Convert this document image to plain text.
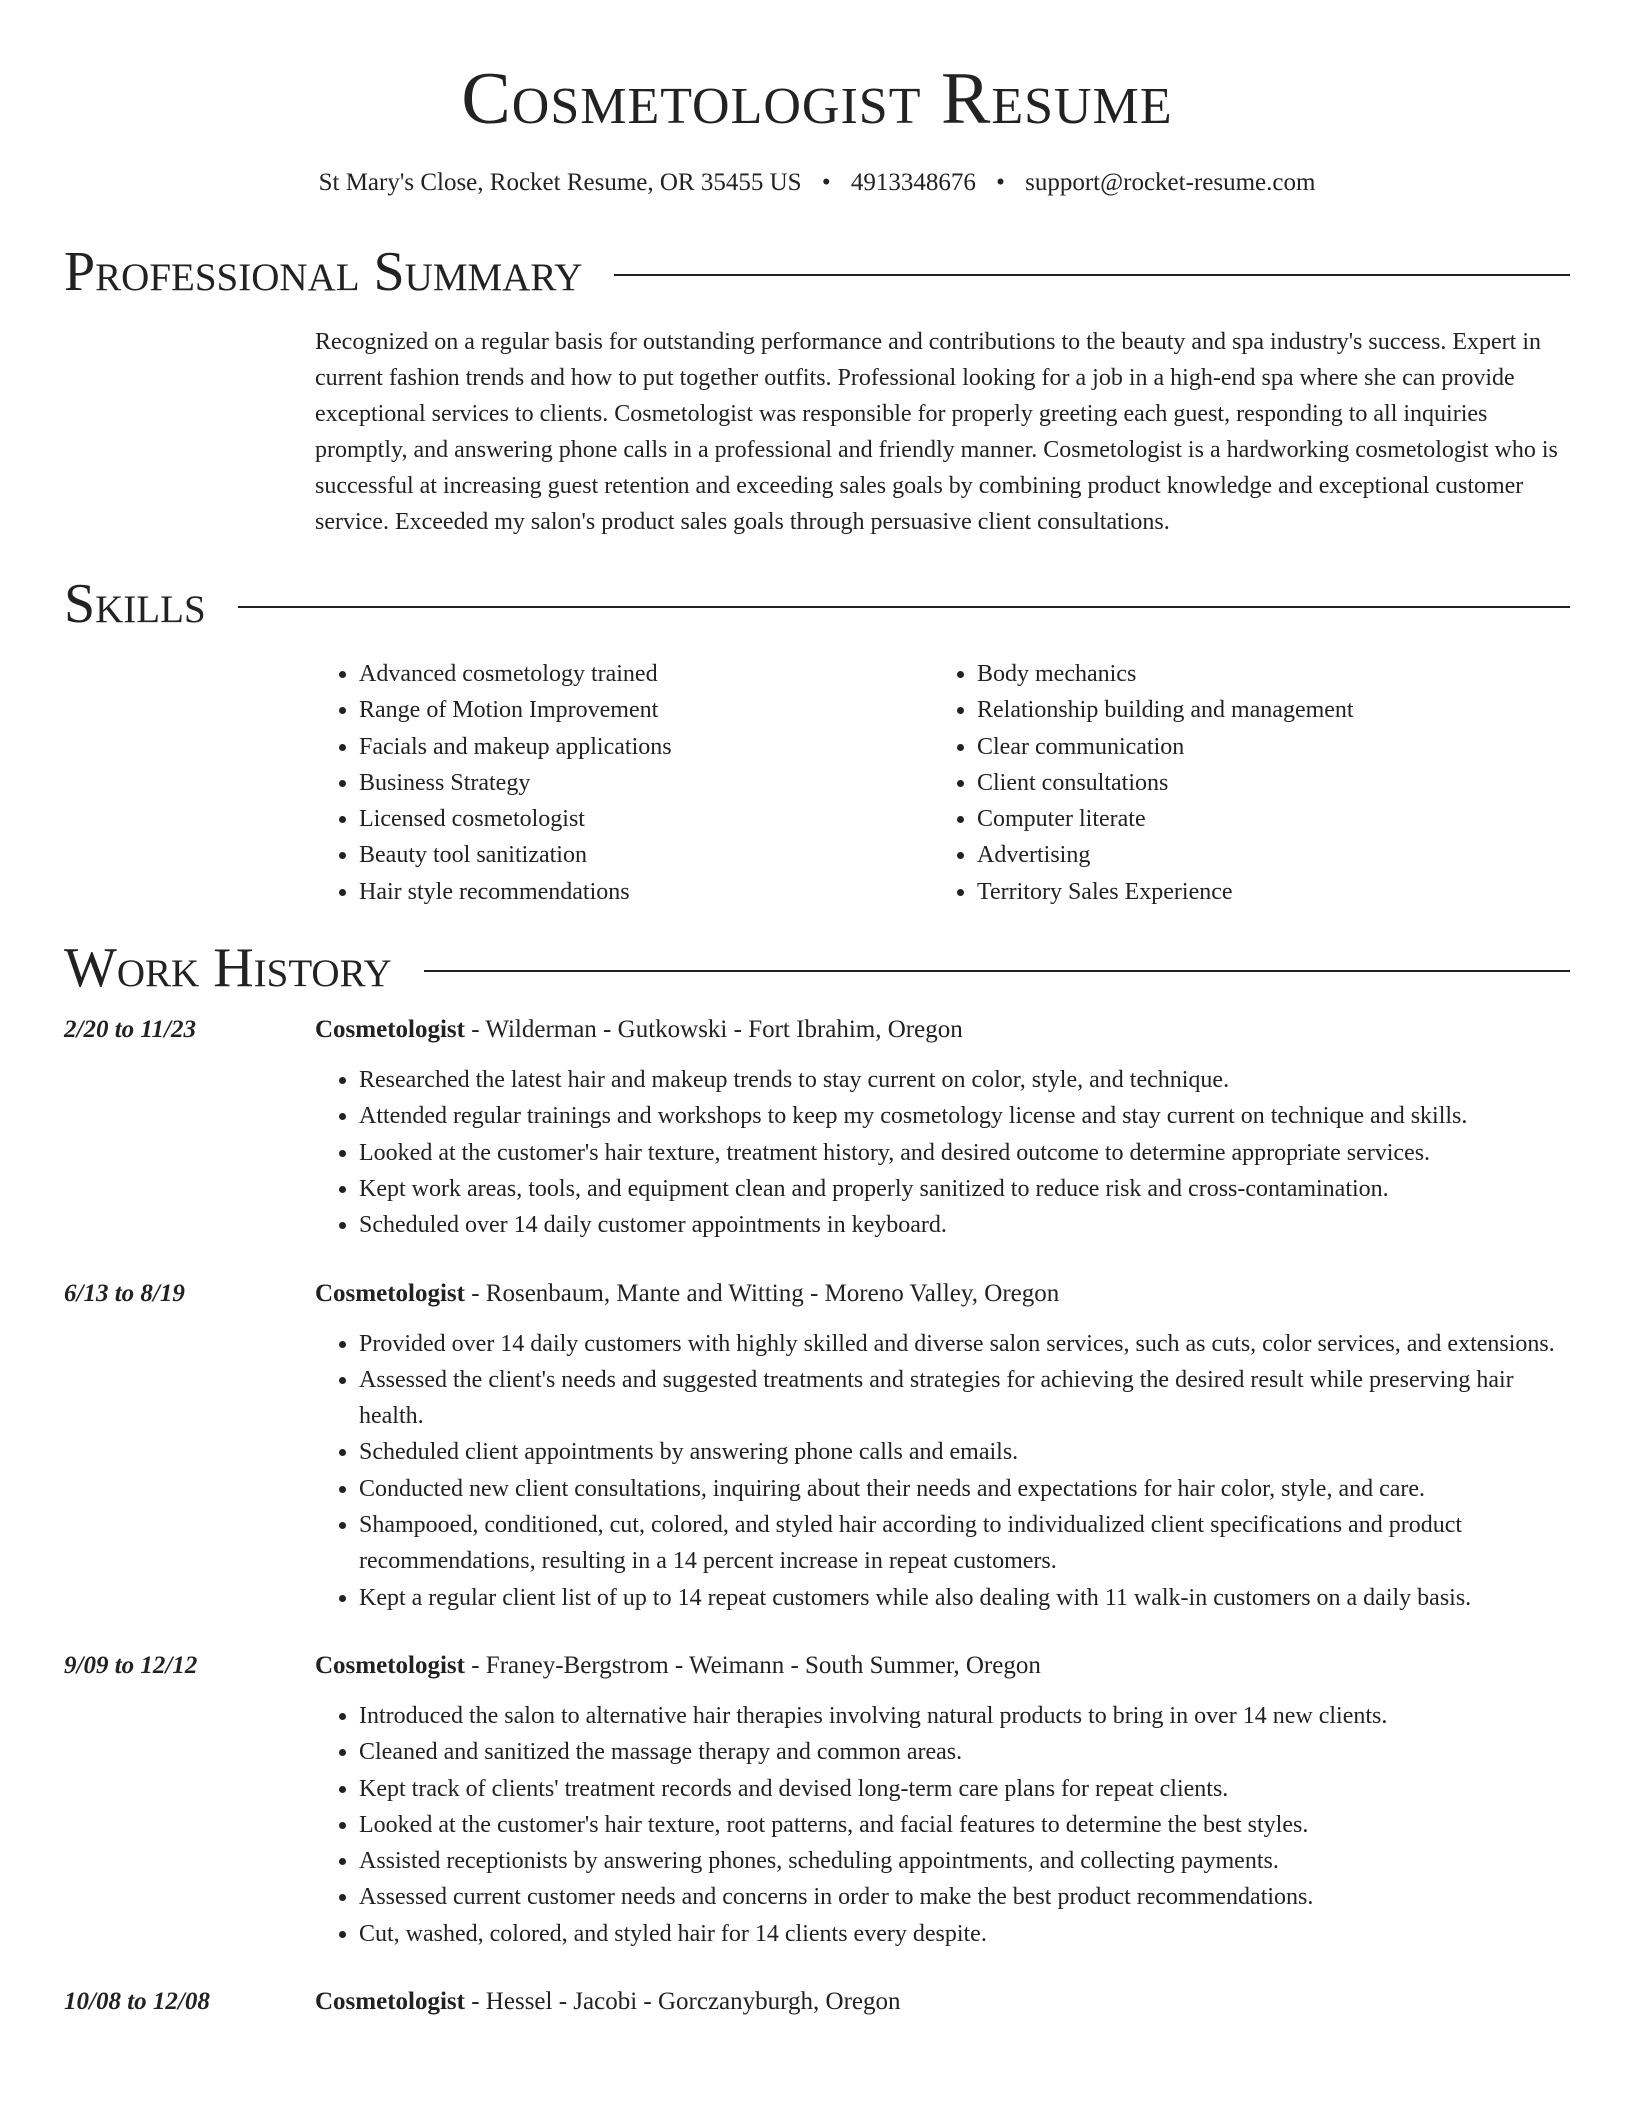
Cosmetologist Resume
St Mary's Close, Rocket Resume, OR 35455 US • 4913348676 • support@rocket-resume.com
Professional Summary
Recognized on a regular basis for outstanding performance and contributions to the beauty and spa industry's success. Expert in current fashion trends and how to put together outfits. Professional looking for a job in a high-end spa where she can provide exceptional services to clients. Cosmetologist was responsible for properly greeting each guest, responding to all inquiries promptly, and answering phone calls in a professional and friendly manner. Cosmetologist is a hardworking cosmetologist who is successful at increasing guest retention and exceeding sales goals by combining product knowledge and exceptional customer service. Exceeded my salon's product sales goals through persuasive client consultations.
Skills
• Advanced cosmetology trained
• Range of Motion Improvement
• Facials and makeup applications
• Business Strategy
• Licensed cosmetologist
• Beauty tool sanitization
• Hair style recommendations
• Body mechanics
• Relationship building and management
• Clear communication
• Client consultations
• Computer literate
• Advertising
• Territory Sales Experience
Work History
2/20 to 11/23	Cosmetologist - Wilderman - Gutkowski - Fort Ibrahim, Oregon
• Researched the latest hair and makeup trends to stay current on color, style, and technique.
• Attended regular trainings and workshops to keep my cosmetology license and stay current on technique and skills.
• Looked at the customer's hair texture, treatment history, and desired outcome to determine appropriate services.
• Kept work areas, tools, and equipment clean and properly sanitized to reduce risk and cross-contamination.
• Scheduled over 14 daily customer appointments in keyboard.
6/13 to 8/19	Cosmetologist - Rosenbaum, Mante and Witting - Moreno Valley, Oregon
• Provided over 14 daily customers with highly skilled and diverse salon services, such as cuts, color services, and extensions.
• Assessed the client's needs and suggested treatments and strategies for achieving the desired result while preserving hair health.
• Scheduled client appointments by answering phone calls and emails.
• Conducted new client consultations, inquiring about their needs and expectations for hair color, style, and care.
• Shampooed, conditioned, cut, colored, and styled hair according to individualized client specifications and product recommendations, resulting in a 14 percent increase in repeat customers.
• Kept a regular client list of up to 14 repeat customers while also dealing with 11 walk-in customers on a daily basis.
9/09 to 12/12	Cosmetologist - Franey-Bergstrom - Weimann - South Summer, Oregon
• Introduced the salon to alternative hair therapies involving natural products to bring in over 14 new clients.
• Cleaned and sanitized the massage therapy and common areas.
• Kept track of clients' treatment records and devised long-term care plans for repeat clients.
• Looked at the customer's hair texture, root patterns, and facial features to determine the best styles.
• Assisted receptionists by answering phones, scheduling appointments, and collecting payments.
• Assessed current customer needs and concerns in order to make the best product recommendations.
• Cut, washed, colored, and styled hair for 14 clients every despite.
10/08 to 12/08	Cosmetologist - Hessel - Jacobi - Gorczanyburgh, Oregon
